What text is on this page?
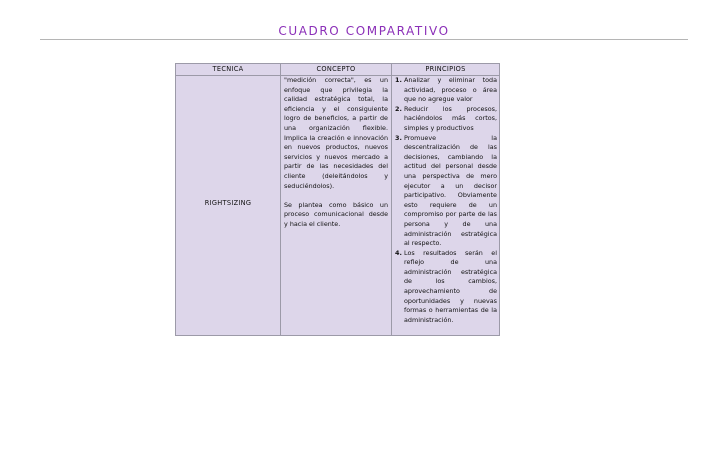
CUADRO COMPARATIVO
TECNICA	CONCEPTO	PRINCIPIOS
RIGHTSIZING

"medición correcta", es un enfoque que privilegia la calidad estratégica total, la eficiencia y el consiguiente logro de beneficios, a partir de una organización flexible. Implica la creación e innovación en nuevos productos, nuevos servicios y nuevos mercado a partir de las necesidades del cliente (deleitándolos y seduciéndolos).

Se plantea como básico un proceso comunicacional desde y hacia el cliente.

1. Analizar y eliminar toda actividad, proceso o área que no agregue valor
2. Reducir los procesos, haciéndolos más cortos, simples y productivos
3. Promueve la descentralización de las decisiones, cambiando la actitud del personal desde una perspectiva de mero ejecutor a un decisor participativo. Obviamente esto requiere de un compromiso por parte de las persona y de una administración estratégica al respecto.
4. Los resultados serán el reflejo de una administración estratégica de los cambios, aprovechamiento de oportunidades y nuevas formas o herramientas de la administración.
